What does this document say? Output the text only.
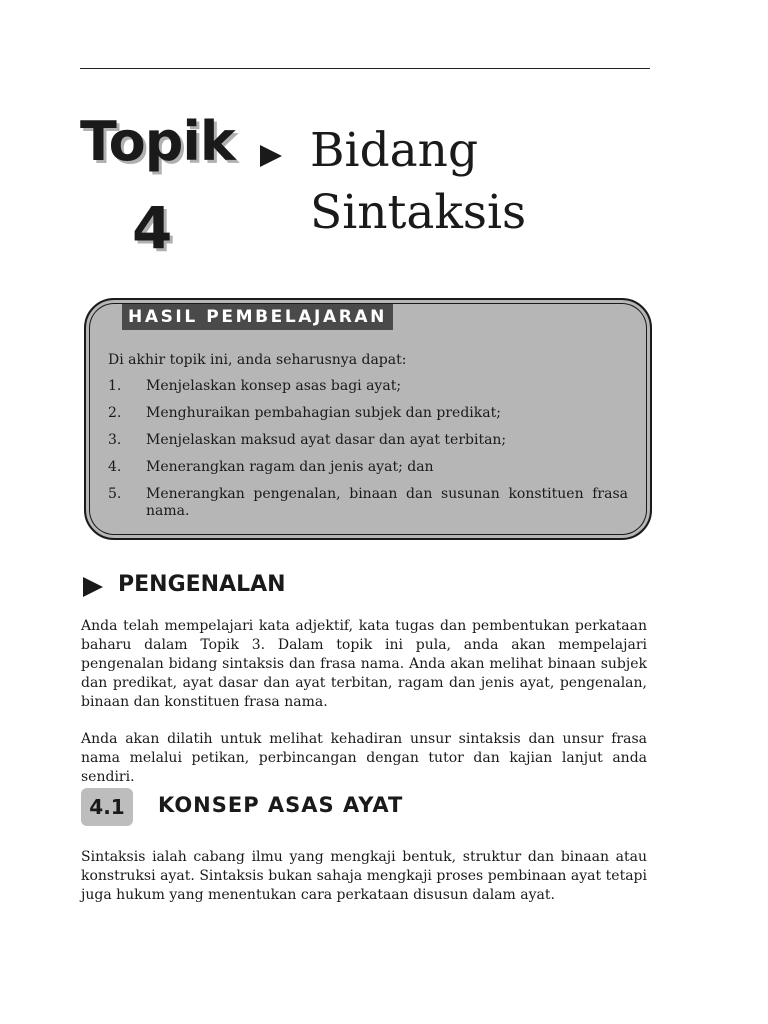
Topik
4
Bidang
Sintaksis
HASIL PEMBELAJARAN
Di akhir topik ini, anda seharusnya dapat:
1.	Menjelaskan konsep asas bagi ayat;
2.	Menghuraikan pembahagian subjek dan predikat;
3.	Menjelaskan maksud ayat dasar dan ayat terbitan;
4.	Menerangkan ragam dan jenis ayat; dan
5.	Menerangkan pengenalan, binaan dan susunan konstituen frasa nama.
PENGENALAN
Anda telah mempelajari kata adjektif, kata tugas dan pembentukan perkataan baharu dalam Topik 3. Dalam topik ini pula, anda akan mempelajari pengenalan bidang sintaksis dan frasa nama. Anda akan melihat binaan subjek dan predikat, ayat dasar dan ayat terbitan, ragam dan jenis ayat, pengenalan, binaan dan konstituen frasa nama.
Anda akan dilatih untuk melihat kehadiran unsur sintaksis dan unsur frasa nama melalui petikan, perbincangan dengan tutor dan kajian lanjut anda sendiri.
4.1	KONSEP ASAS AYAT
Sintaksis ialah cabang ilmu yang mengkaji bentuk, struktur dan binaan atau konstruksi ayat. Sintaksis bukan sahaja mengkaji proses pembinaan ayat tetapi juga hukum yang menentukan cara perkataan disusun dalam ayat.
